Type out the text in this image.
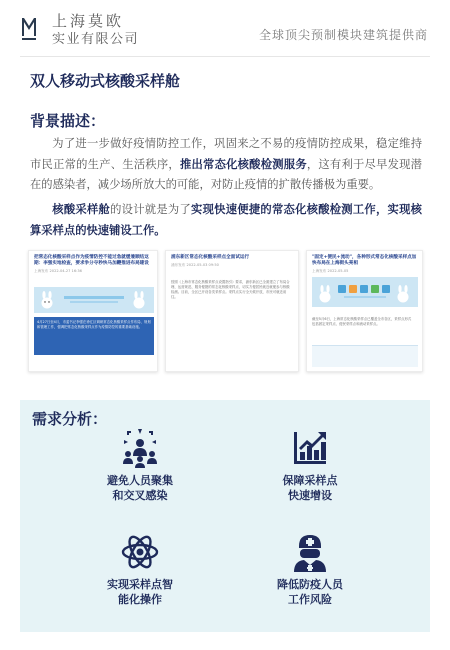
上海莫欧
实业有限公司	全球顶尖预制模块建筑提供商
双人移动式核酸采样舱
背景描述：
为了进一步做好疫情防控工作，巩固来之不易的疫情防控成果，稳定维持市民正常的生产、生活秩序，推出常态化核酸检测服务，这有利于尽早发现潜在的感染者，减少场所放大的可能，对防止疫情的扩散传播极为重要。
核酸采样舱的设计就是为了实现快速便捷的常态化核酸检测工作，实现核算采样点的快速铺设工作。
把常态化核酸采样点作为疫情防控不能过急就缓兼顾结这期：李强实地检查，要求争分夺秒快马加鞭推进布局建设
上海发布 2022-04-27 16:36
4月27日至4月，市委书记李强在徐汇区调研常态化核酸采样点作布局、规划和管理工作，强调把常态化核酸采样点作为疫情防控的重要基础设施。
浦东新区常态化核酸采样点全面试运行
浦东发布 2022-05-03 09:50
按照《上海市常态化核酸采样点设置指引》要求，浦东新区已全面建立了布局合理、运营规范、服务便捷的常态化核酸采样点，切实方便居民就近就便参与核酸检测。目前，全区已开设各类采样点。采样点实行全天候开放，市民可就近前往。
"固定+便民+流动"，各种形式常态化核酸采样点加快布局在上海街头亮相
上海发布 2022-05-05
截至5月6日，上海常态化核酸采样点已覆盖全市各区，采样点形式包括固定采样点、便民采样点和流动采样点。
需求分析：
避免人员聚集
和交叉感染
保障采样点
快速增设
实现采样点智
能化操作
降低防疫人员
工作风险
